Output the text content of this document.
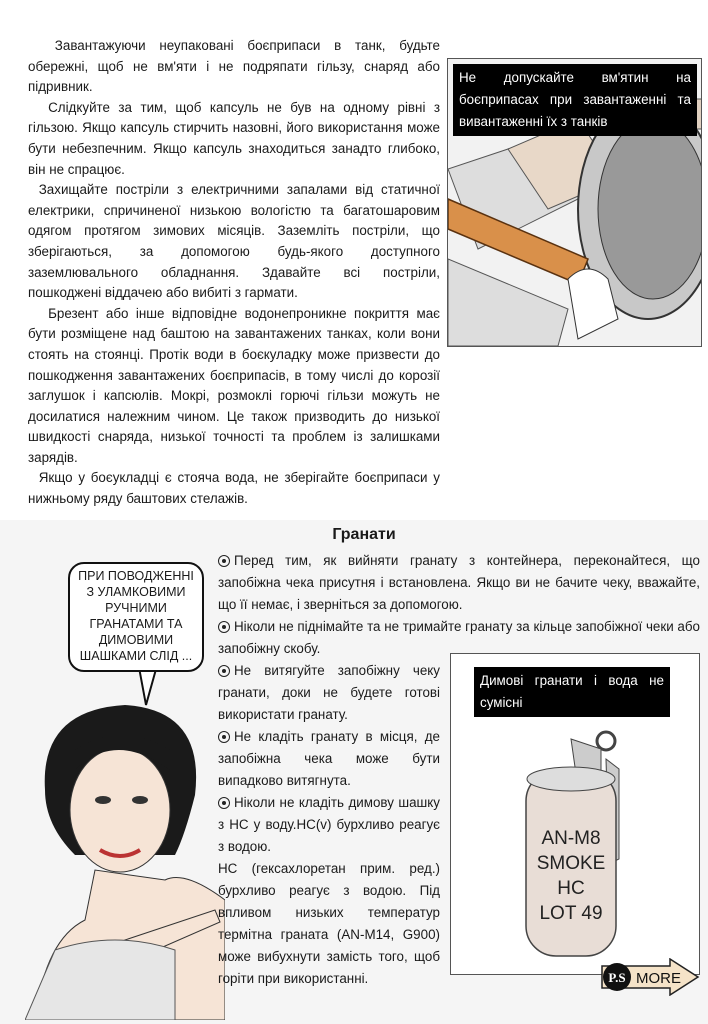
Завантажуючи неупаковані боєприпаси в танк, будьте обережні, щоб не вм'яти і не подряпати гільзу, снаряд або підривник.

Слідкуйте за тим, щоб капсуль не був на одному рівні з гільзою. Якщо капсуль стирчить назовні, його використання може бути небезпечним. Якщо капсуль знаходиться занадто глибоко, він не спрацює.

Захищайте постріли з електричними запалами від статичної електрики, спричиненої низькою вологістю та багатошаровим одягом протягом зимових місяців. Заземліть постріли, що зберігаються, за допомогою будь-якого доступного заземлювального обладнання. Здавайте всі постріли, пошкоджені віддачею або вибиті з гармати.

Брезент або інше відповідне водонепроникне покриття має бути розміщене над баштою на завантажених танках, коли вони стоять на стоянці. Протік води в боєкуладку може призвести до пошкодження завантажених боєприпасів, в тому числі до корозії заглушок і капсюлів. Мокрі, розмоклі горючі гільзи можуть не досилатися належним чином. Це також призводить до низької швидкості снаряда, низької точності та проблем із залишками зарядів.

Якщо у боєукладці є стояча вода, не зберігайте боєприпаси у нижньому ряду баштових стелажів.

Не допускайте вм'ятин на боєприпасах при завантаженні та вивантаженні їх з танків
Гранати
ПРИ ПОВОДЖЕННІ З УЛАМКОВИМИ РУЧНИМИ ГРАНАТАМИ ТА ДИМОВИМИ ШАШКАМИ СЛІД ...

Перед тим, як вийняти гранату з контейнера, переконайтеся, що запобіжна чека присутня і встановлена. Якщо ви не бачите чеку, вважайте, що її немає, і зверніться за допомогою.

Ніколи не піднімайте та не тримайте гранату за кільце запобіжної чеки або запобіжну скобу.

Не витягуйте запобіжну чеку гранати, доки не будете готові використати гранату.

Не кладіть гранату в місця, де запобіжна чека може бути випадково витягнута.

Ніколи не кладіть димову шашку з HC у воду.HC(v) бурхливо реагує з водою.

HC (гексахлоретан прим. ред.) бурхливо реагує з водою. Під впливом низьких температур термітна граната (AN-M14, G900) може вибухнути замість того, щоб горіти при використанні.

Димові гранати і вода не сумісні
AN-M8
SMOKE
HC
LOT 49
P.S MORE
